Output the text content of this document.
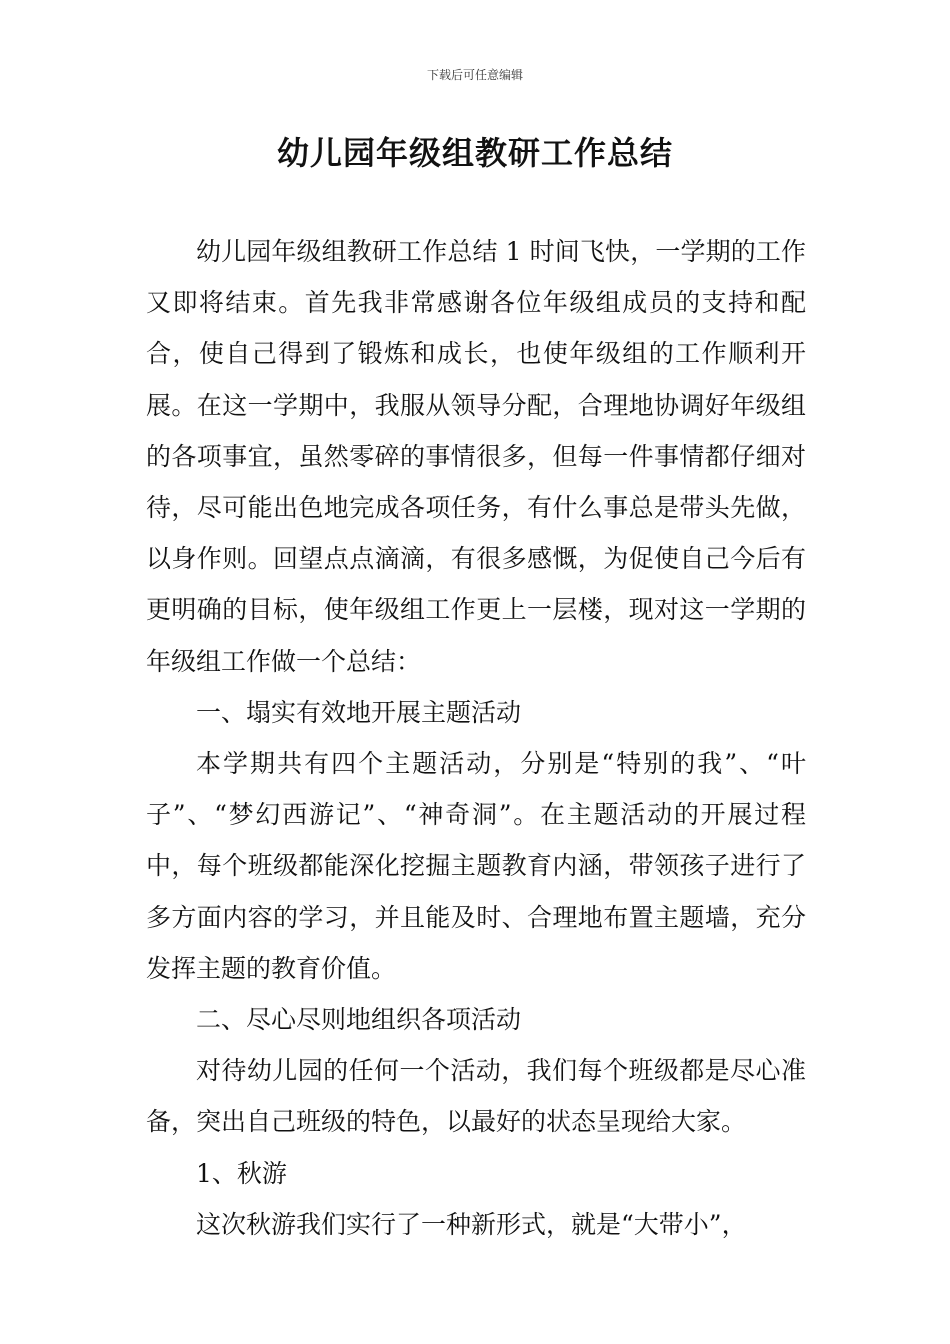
下载后可任意编辑
幼儿园年级组教研工作总结

幼儿园年级组教研工作总结 1 时间飞快，一学期的工作又即将结束。首先我非常感谢各位年级组成员的支持和配合，使自己得到了锻炼和成长，也使年级组的工作顺利开展。在这一学期中，我服从领导分配，合理地协调好年级组的各项事宜，虽然零碎的事情很多，但每一件事情都仔细对待，尽可能出色地完成各项任务，有什么事总是带头先做，以身作则。回望点点滴滴，有很多感慨，为促使自己今后有更明确的目标，使年级组工作更上一层楼，现对这一学期的年级组工作做一个总结：

一、塌实有效地开展主题活动

本学期共有四个主题活动，分别是“特别的我”、“叶子”、“梦幻西游记”、“神奇洞”。在主题活动的开展过程中，每个班级都能深化挖掘主题教育内涵，带领孩子进行了多方面内容的学习，并且能及时、合理地布置主题墙，充分发挥主题的教育价值。

二、尽心尽则地组织各项活动

对待幼儿园的任何一个活动，我们每个班级都是尽心准备，突出自己班级的特色，以最好的状态呈现给大家。

1、秋游

这次秋游我们实行了一种新形式，就是“大带小”，
